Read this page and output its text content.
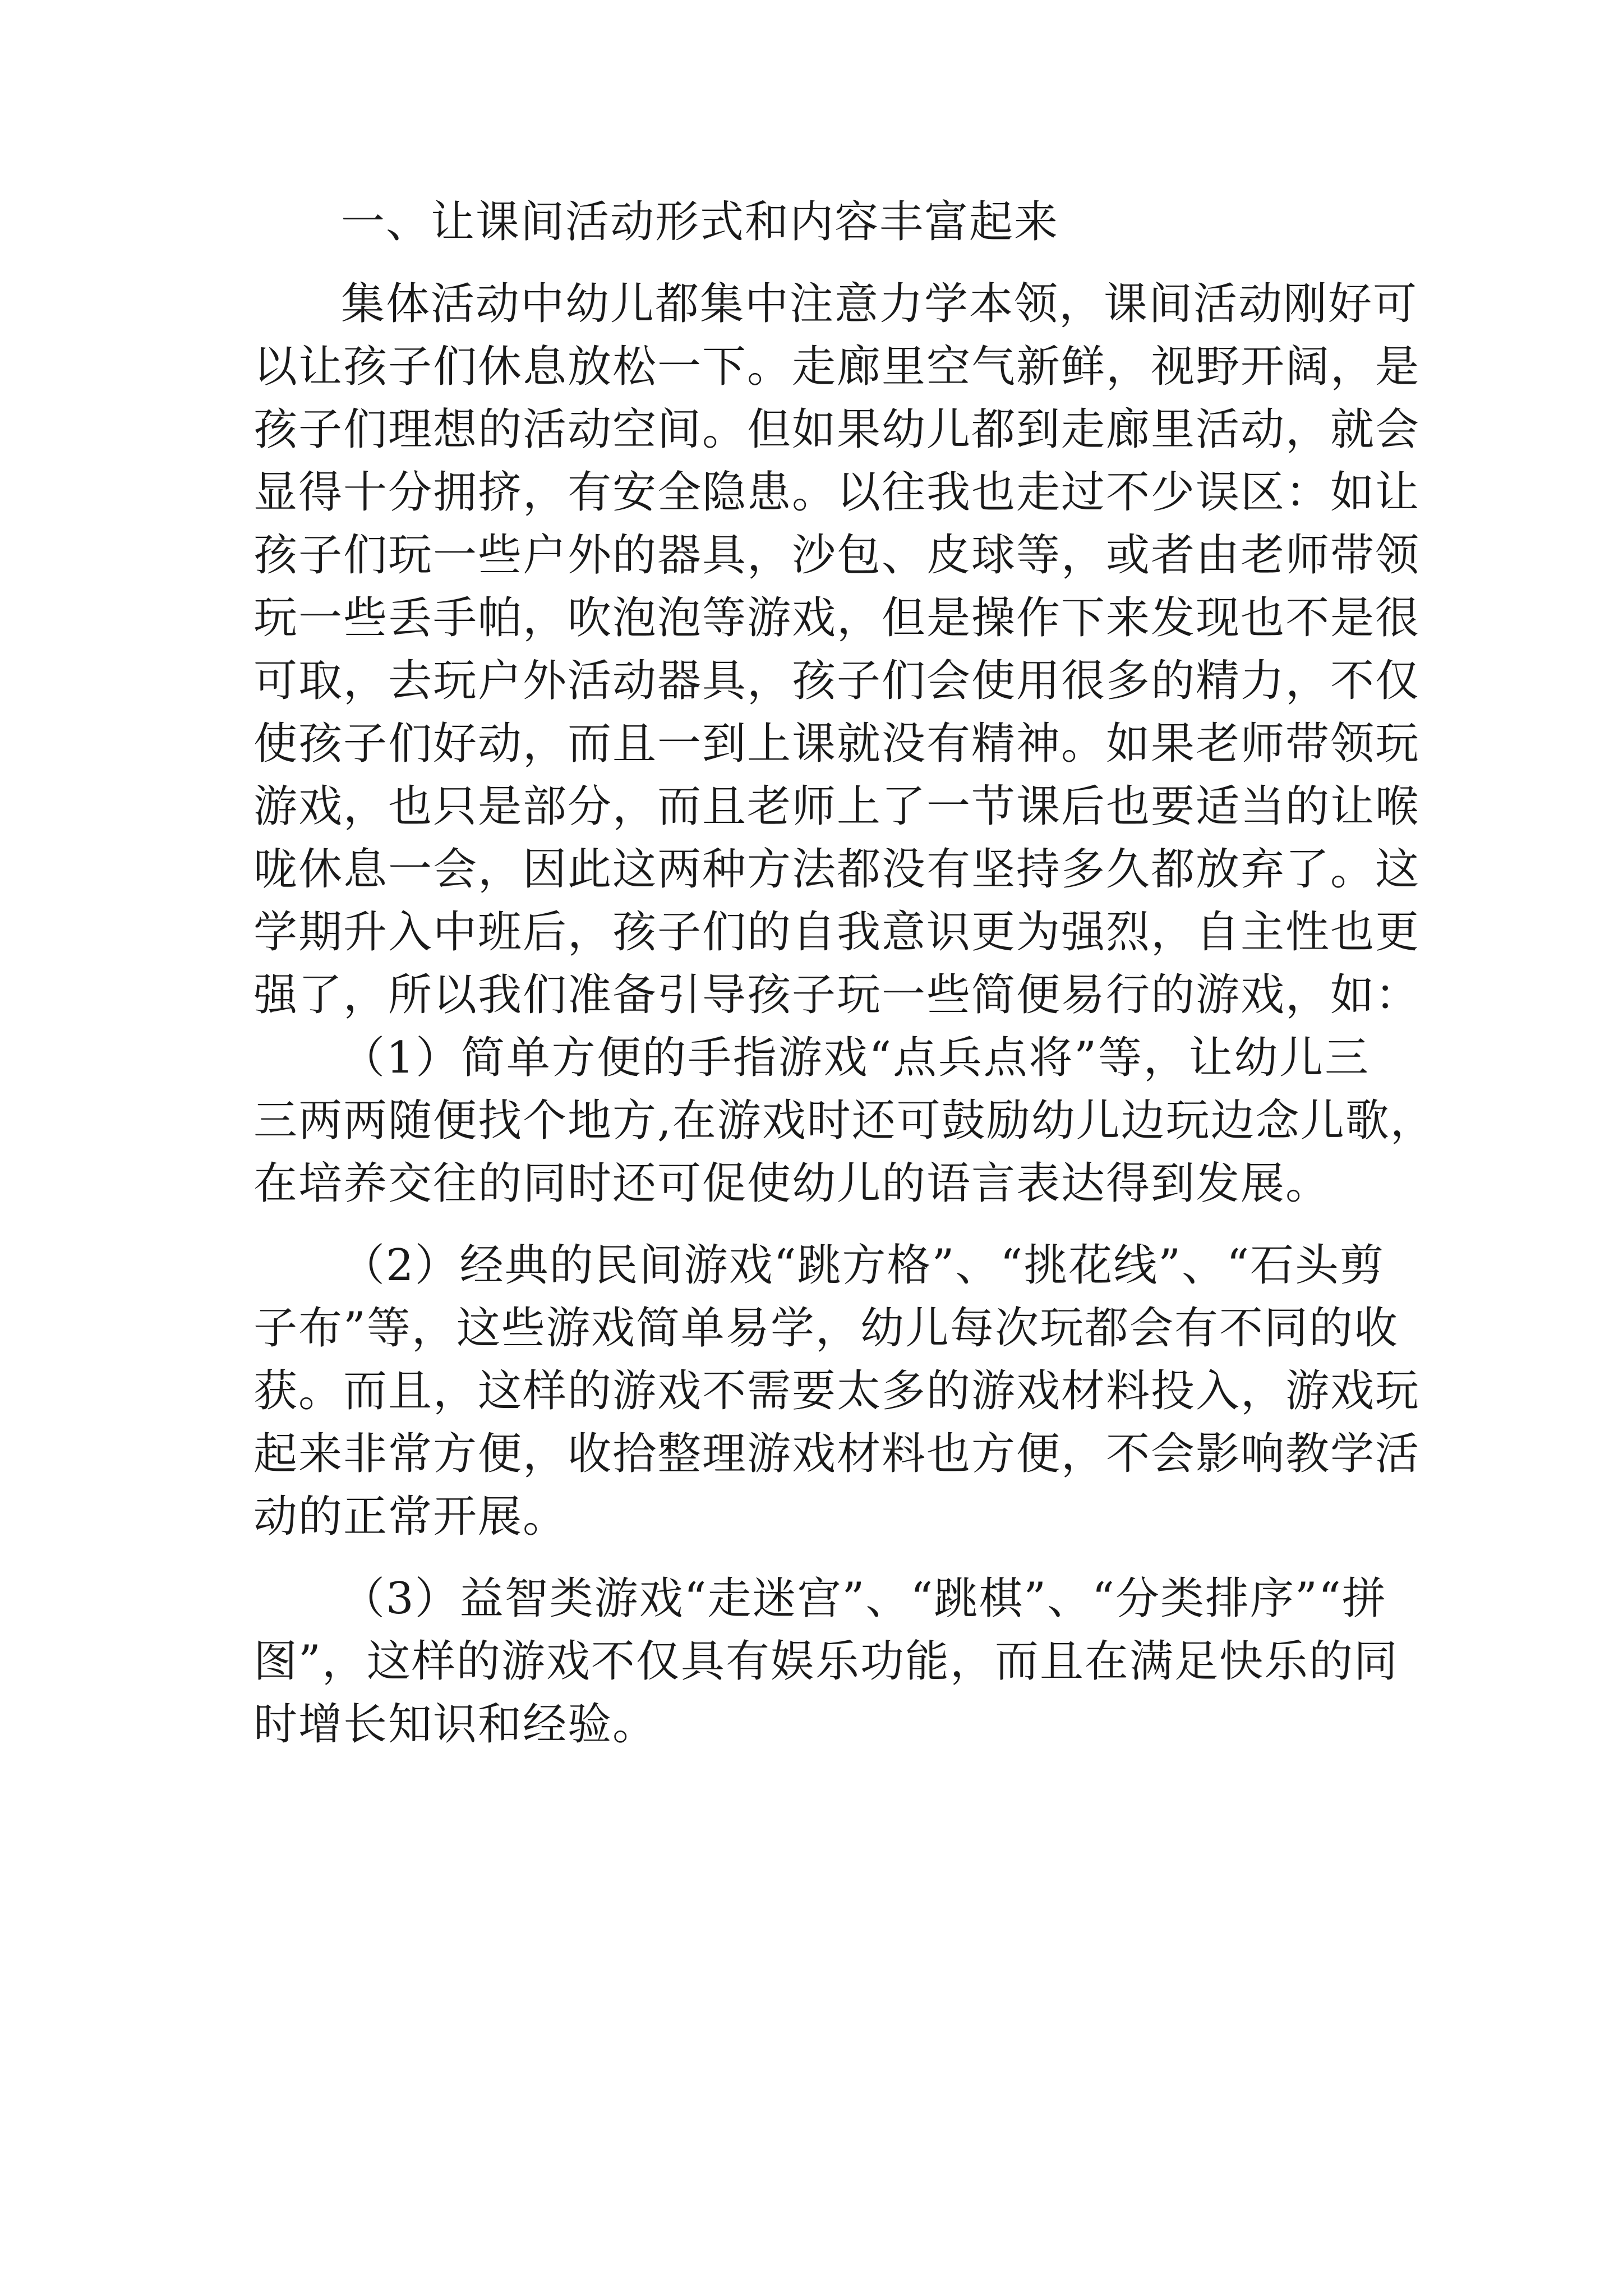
一、让课间活动形式和内容丰富起来
集体活动中幼儿都集中注意力学本领，课间活动刚好可
以让孩子们休息放松一下。走廊里空气新鲜，视野开阔，是
孩子们理想的活动空间。但如果幼儿都到走廊里活动，就会
显得十分拥挤，有安全隐患。以往我也走过不少误区：如让
孩子们玩一些户外的器具，沙包、皮球等，或者由老师带领
玩一些丢手帕，吹泡泡等游戏，但是操作下来发现也不是很
可取，去玩户外活动器具，孩子们会使用很多的精力，不仅
使孩子们好动，而且一到上课就没有精神。如果老师带领玩
游戏，也只是部分，而且老师上了一节课后也要适当的让喉
咙休息一会，因此这两种方法都没有坚持多久都放弃了。这
学期升入中班后，孩子们的自我意识更为强烈，自主性也更
强了，所以我们准备引导孩子玩一些简便易行的游戏，如：
（1）简单方便的手指游戏“点兵点将”等，让幼儿三
三两两随便找个地方,在游戏时还可鼓励幼儿边玩边念儿歌，
在培养交往的同时还可促使幼儿的语言表达得到发展。
（2）经典的民间游戏“跳方格”、“挑花线”、“石头剪
子布”等，这些游戏简单易学，幼儿每次玩都会有不同的收
获。而且，这样的游戏不需要太多的游戏材料投入，游戏玩
起来非常方便，收拾整理游戏材料也方便，不会影响教学活
动的正常开展。
（3）益智类游戏“走迷宫”、“跳棋”、“分类排序”“拼
图”，这样的游戏不仅具有娱乐功能，而且在满足快乐的同
时增长知识和经验。
